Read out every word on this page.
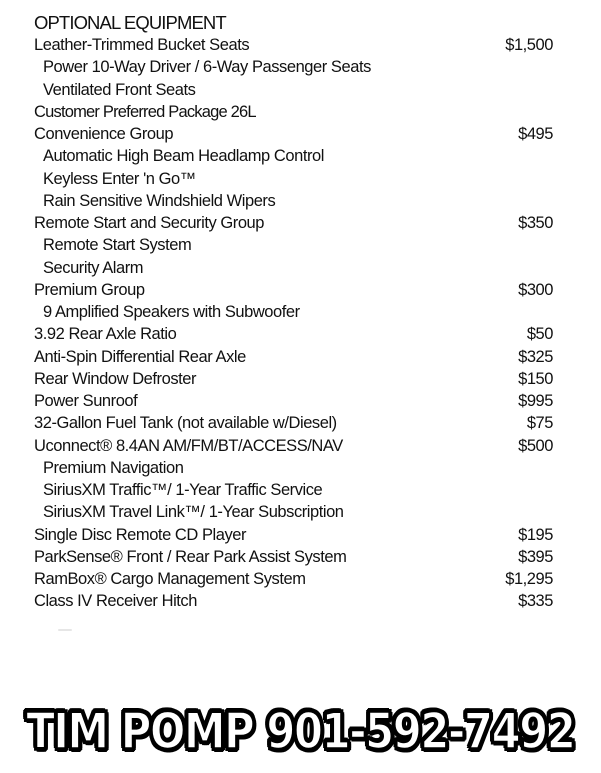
OPTIONAL EQUIPMENT
Leather-Trimmed Bucket Seats	$1,500
Power 10-Way Driver / 6-Way Passenger Seats
Ventilated Front Seats
Customer Preferred Package 26L
Convenience Group	$495
Automatic High Beam Headlamp Control
Keyless Enter 'n Go™
Rain Sensitive Windshield Wipers
Remote Start and Security Group	$350
Remote Start System
Security Alarm
Premium Group	$300
9 Amplified Speakers with Subwoofer
3.92 Rear Axle Ratio	$50
Anti-Spin Differential Rear Axle	$325
Rear Window Defroster	$150
Power Sunroof	$995
32-Gallon Fuel Tank (not available w/Diesel)	$75
Uconnect® 8.4AN AM/FM/BT/ACCESS/NAV	$500
Premium Navigation
SiriusXM Traffic™/ 1-Year Traffic Service
SiriusXM Travel Link™/ 1-Year Subscription
Single Disc Remote CD Player	$195
ParkSense® Front / Rear Park Assist System	$395
RamBox® Cargo Management System	$1,295
Class IV Receiver Hitch	$335
TIM POMP 901-592-7492
